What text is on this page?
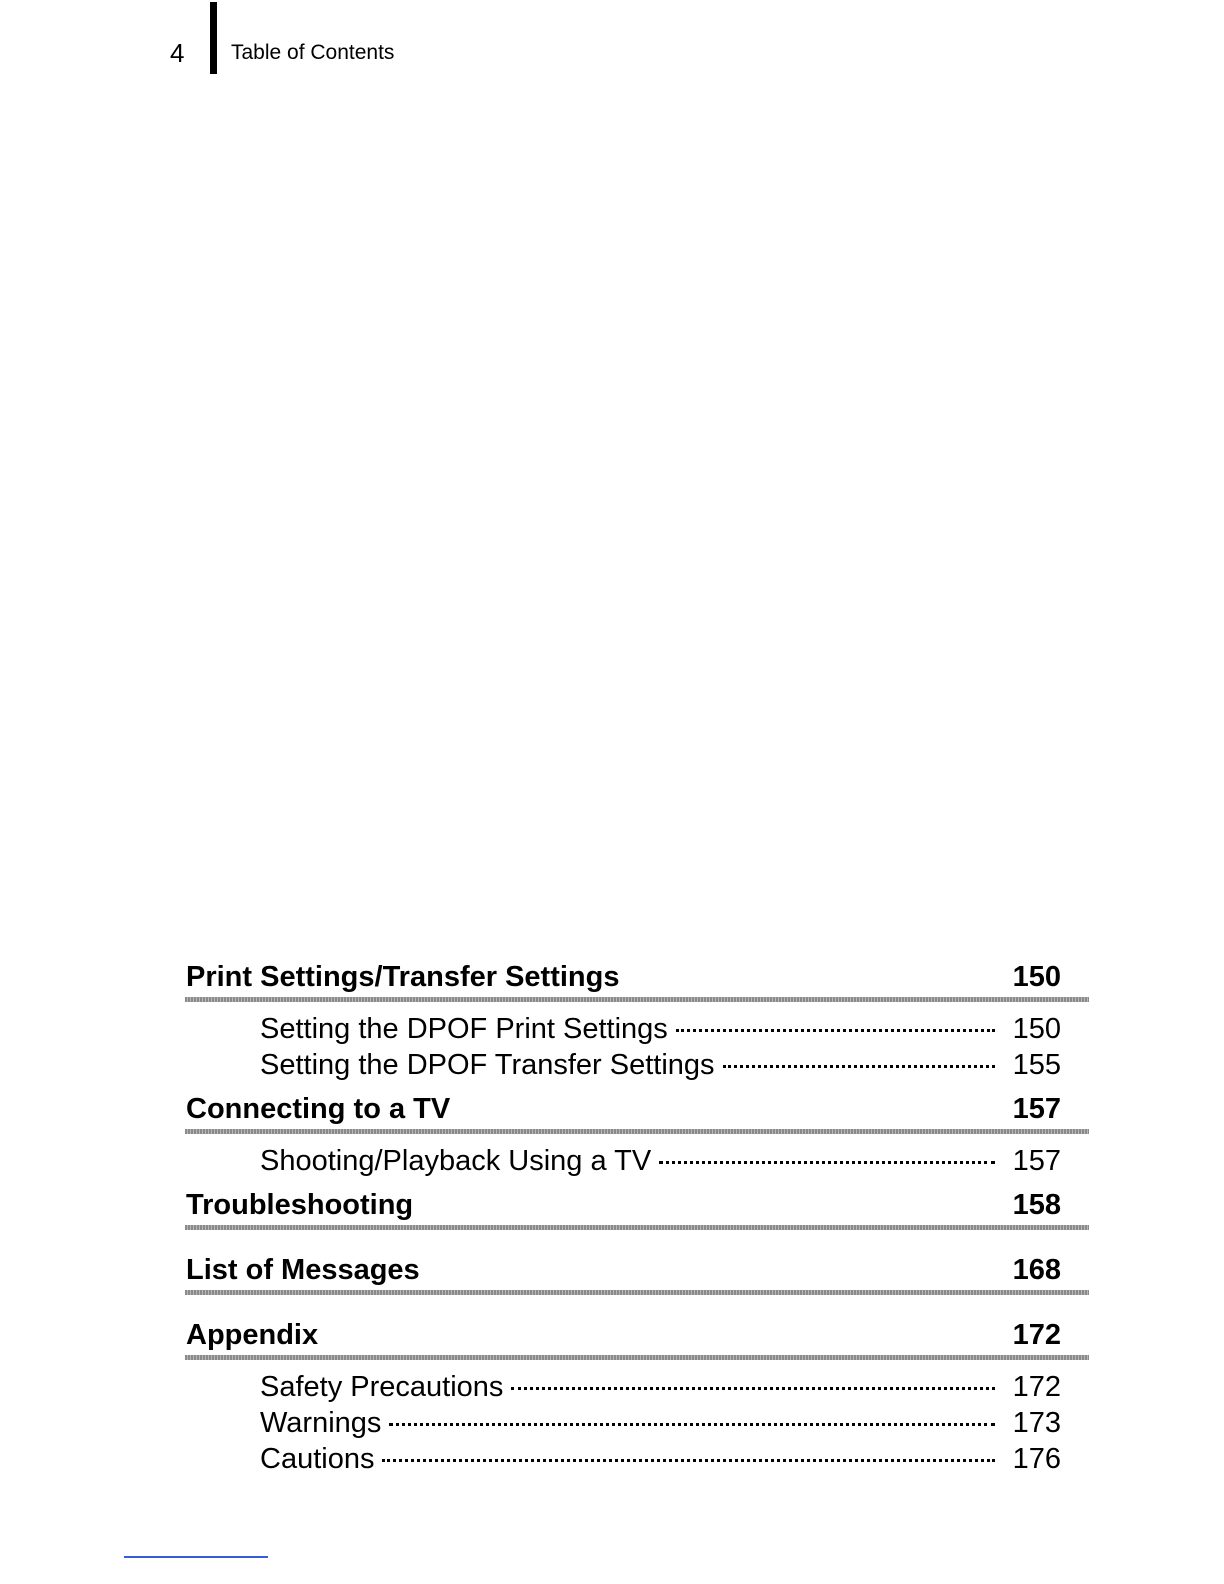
4 Table of Contents
Print Settings/Transfer Settings	150
Setting the DPOF Print Settings	150
Setting the DPOF Transfer Settings	155
Connecting to a TV	157
Shooting/Playback Using a TV	157
Troubleshooting	158
List of Messages	168
Appendix	172
Safety Precautions	172
Warnings	173
Cautions	176
